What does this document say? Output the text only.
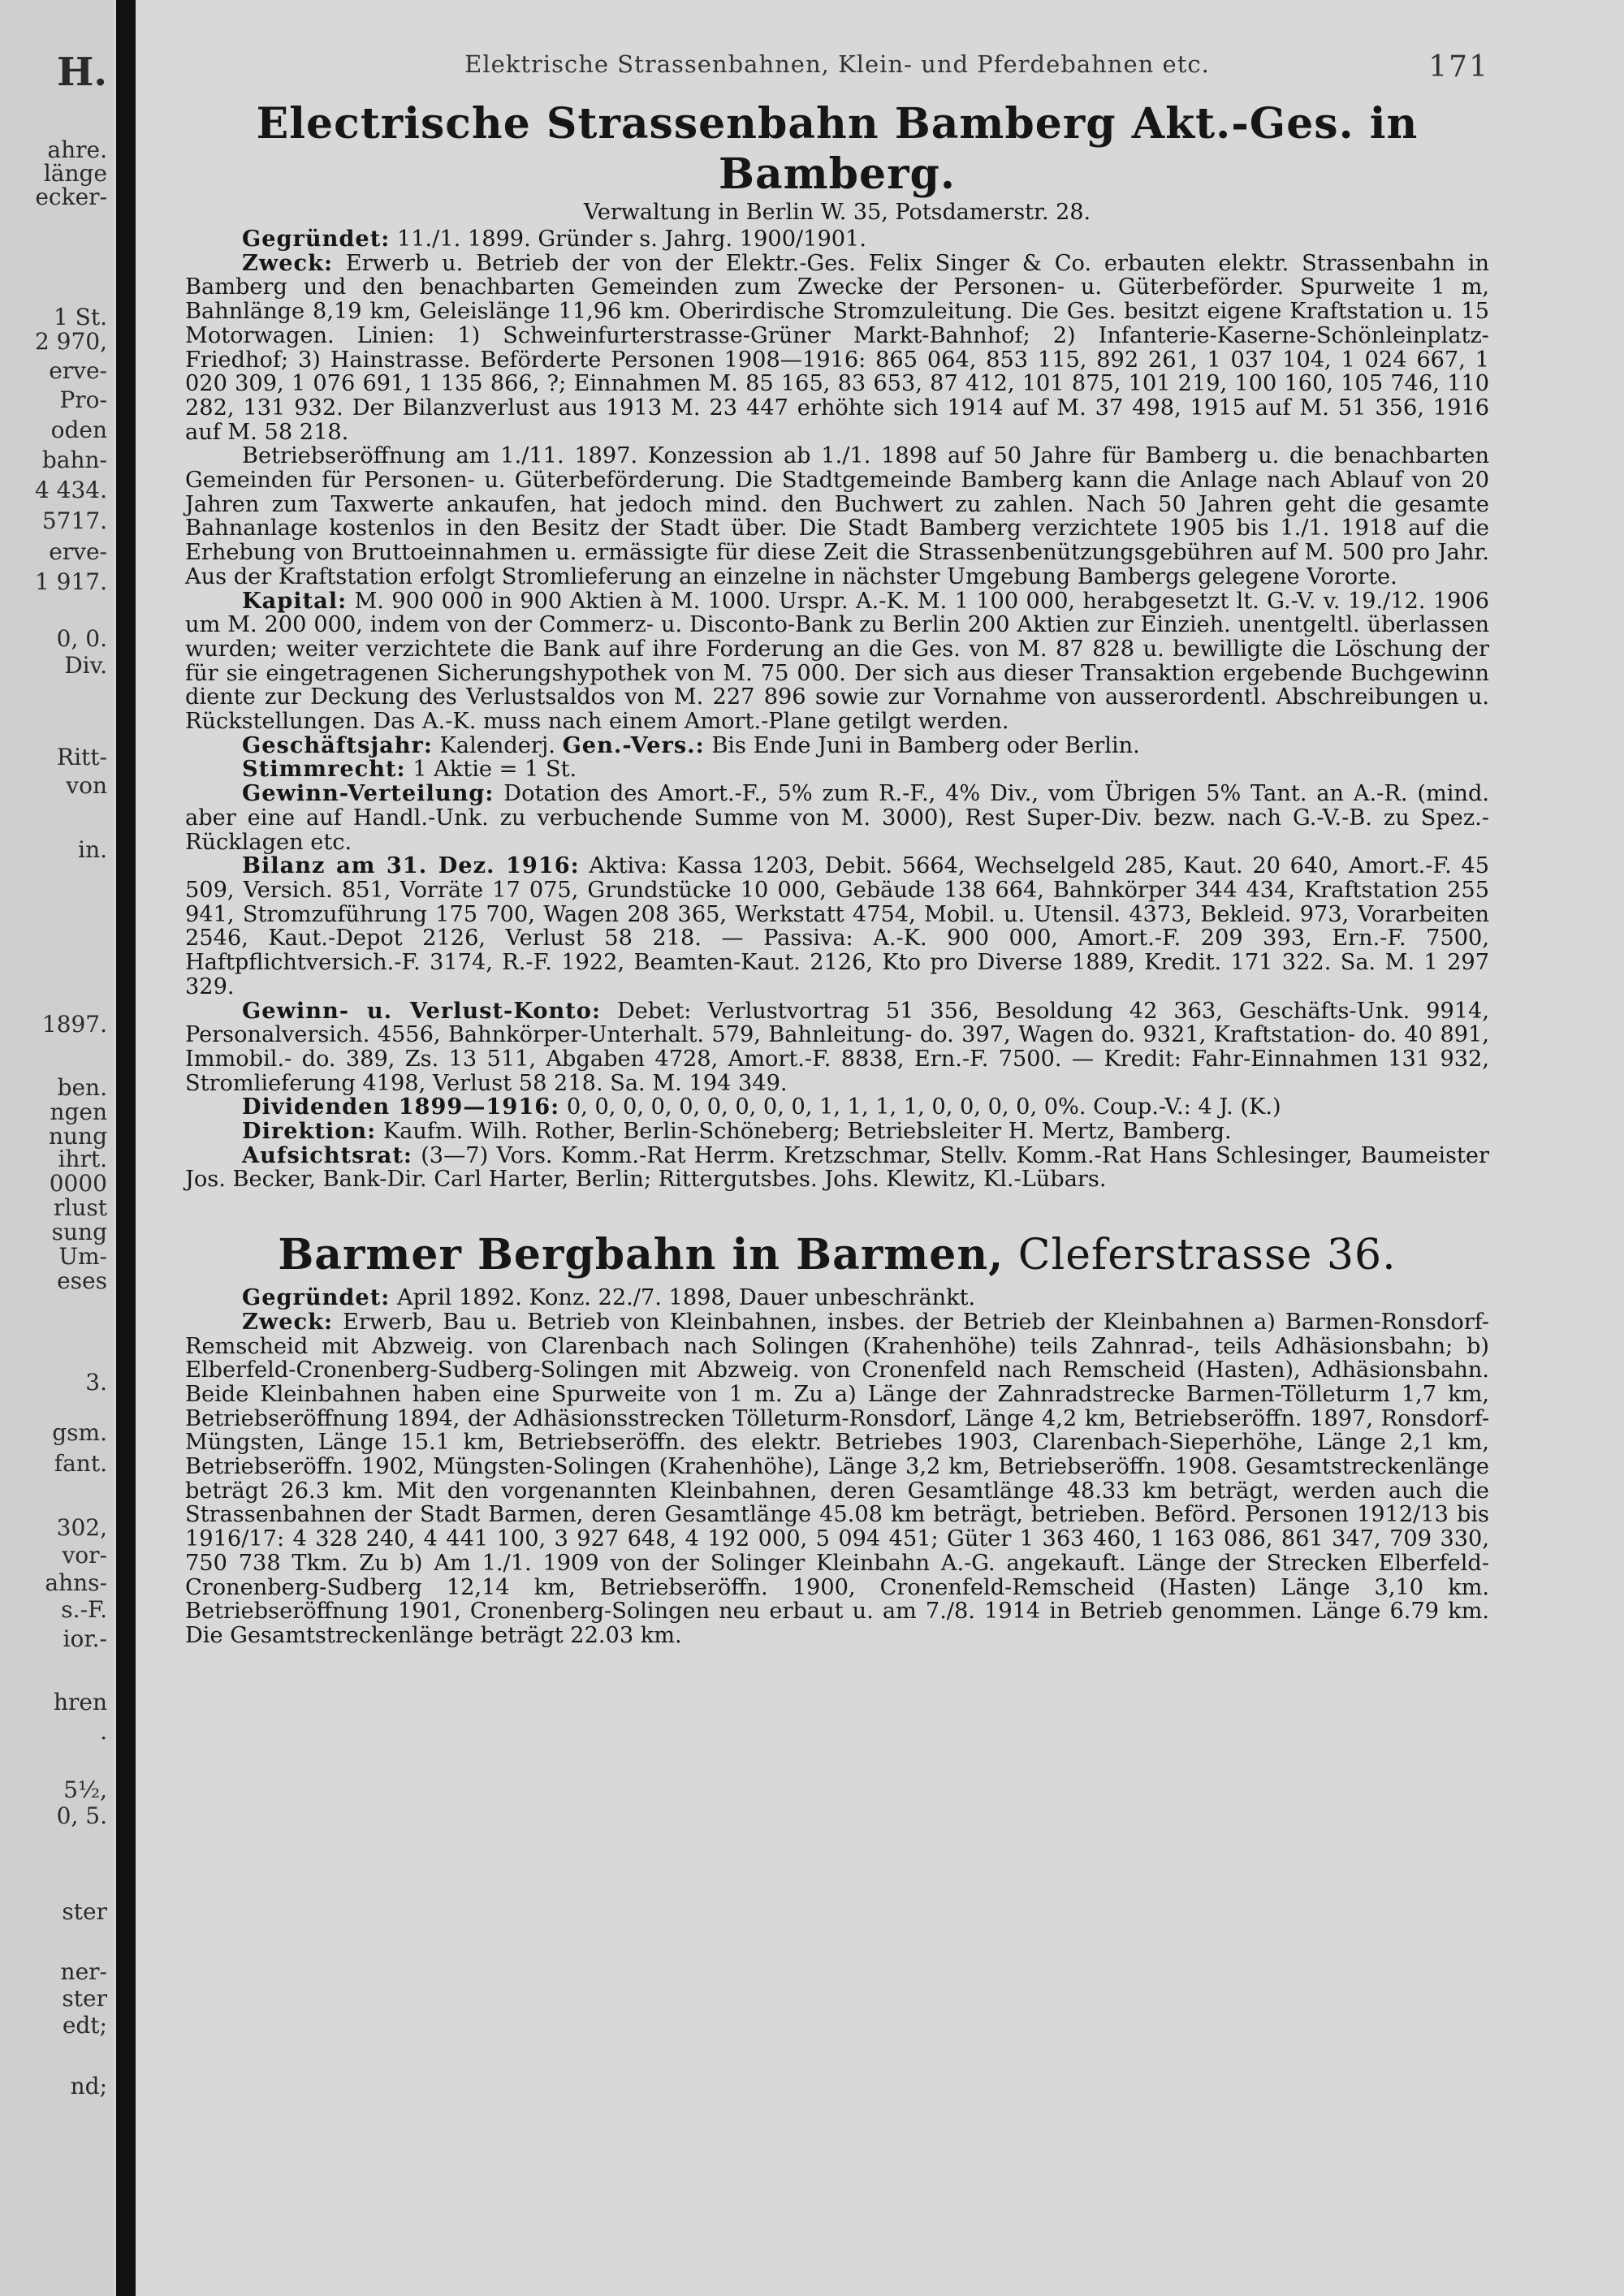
H.
ahre.
länge
ecker-
1 St.
2 970,
erve-
Pro-
oden
bahn-
4 434.
5717.
erve-
1 917.
0, 0.
Div.
Ritt-
von
in.
1897.
ben.
ngen
nung
ihrt.
0000
rlust
sung
Um-
eses
3.
gsm.
fant.
302,
vor-
ahns-
s.-F.
ior.-
hren
.
5½,
0, 5.
ster
ner-
ster
edt;
nd;
Elektrische Strassenbahnen, Klein- und Pferdebahnen etc.	171
Electrische Strassenbahn Bamberg Akt.-Ges. in Bamberg.
Verwaltung in Berlin W. 35, Potsdamerstr. 28.

Gegründet: 11./1. 1899. Gründer s. Jahrg. 1900/1901.

Zweck: Erwerb u. Betrieb der von der Elektr.-Ges. Felix Singer & Co. erbauten elektr. Strassenbahn in Bamberg und den benachbarten Gemeinden zum Zwecke der Personen- u. Güterbeförder. Spurweite 1 m, Bahnlänge 8,19 km, Geleislänge 11,96 km. Oberirdische Stromzuleitung. Die Ges. besitzt eigene Kraftstation u. 15 Motorwagen. Linien: 1) Schweinfurterstrasse-Grüner Markt-Bahnhof; 2) Infanterie-Kaserne-Schönleinplatz-Friedhof; 3) Hainstrasse. Beförderte Personen 1908—1916: 865 064, 853 115, 892 261, 1 037 104, 1 024 667, 1 020 309, 1 076 691, 1 135 866, ?; Einnahmen M. 85 165, 83 653, 87 412, 101 875, 101 219, 100 160, 105 746, 110 282, 131 932. Der Bilanzverlust aus 1913 M. 23 447 erhöhte sich 1914 auf M. 37 498, 1915 auf M. 51 356, 1916 auf M. 58 218.

Betriebseröffnung am 1./11. 1897. Konzession ab 1./1. 1898 auf 50 Jahre für Bamberg u. die benachbarten Gemeinden für Personen- u. Güterbeförderung. Die Stadtgemeinde Bamberg kann die Anlage nach Ablauf von 20 Jahren zum Taxwerte ankaufen, hat jedoch mind. den Buchwert zu zahlen. Nach 50 Jahren geht die gesamte Bahnanlage kostenlos in den Besitz der Stadt über. Die Stadt Bamberg verzichtete 1905 bis 1./1. 1918 auf die Erhebung von Bruttoeinnahmen u. ermässigte für diese Zeit die Strassenbenützungsgebühren auf M. 500 pro Jahr. Aus der Kraftstation erfolgt Stromlieferung an einzelne in nächster Umgebung Bambergs gelegene Vororte.

Kapital: M. 900 000 in 900 Aktien à M. 1000. Urspr. A.-K. M. 1 100 000, herabgesetzt lt. G.-V. v. 19./12. 1906 um M. 200 000, indem von der Commerz- u. Disconto-Bank zu Berlin 200 Aktien zur Einzieh. unentgeltl. überlassen wurden; weiter verzichtete die Bank auf ihre Forderung an die Ges. von M. 87 828 u. bewilligte die Löschung der für sie eingetragenen Sicherungshypothek von M. 75 000. Der sich aus dieser Transaktion ergebende Buchgewinn diente zur Deckung des Verlustsaldos von M. 227 896 sowie zur Vornahme von ausserordentl. Abschreibungen u. Rückstellungen. Das A.-K. muss nach einem Amort.-Plane getilgt werden.

Geschäftsjahr: Kalenderj. Gen.-Vers.: Bis Ende Juni in Bamberg oder Berlin.

Stimmrecht: 1 Aktie = 1 St.

Gewinn-Verteilung: Dotation des Amort.-F., 5% zum R.-F., 4% Div., vom Übrigen 5% Tant. an A.-R. (mind. aber eine auf Handl.-Unk. zu verbuchende Summe von M. 3000), Rest Super-Div. bezw. nach G.-V.-B. zu Spez.-Rücklagen etc.

Bilanz am 31. Dez. 1916: Aktiva: Kassa 1203, Debit. 5664, Wechselgeld 285, Kaut. 20 640, Amort.-F. 45 509, Versich. 851, Vorräte 17 075, Grundstücke 10 000, Gebäude 138 664, Bahnkörper 344 434, Kraftstation 255 941, Stromzuführung 175 700, Wagen 208 365, Werkstatt 4754, Mobil. u. Utensil. 4373, Bekleid. 973, Vorarbeiten 2546, Kaut.-Depot 2126, Verlust 58 218. — Passiva: A.-K. 900 000, Amort.-F. 209 393, Ern.-F. 7500, Haftpflichtversich.-F. 3174, R.-F. 1922, Beamten-Kaut. 2126, Kto pro Diverse 1889, Kredit. 171 322. Sa. M. 1 297 329.

Gewinn- u. Verlust-Konto: Debet: Verlustvortrag 51 356, Besoldung 42 363, Geschäfts-Unk. 9914, Personalversich. 4556, Bahnkörper-Unterhalt. 579, Bahnleitung- do. 397, Wagen do. 9321, Kraftstation- do. 40 891, Immobil.- do. 389, Zs. 13 511, Abgaben 4728, Amort.-F. 8838, Ern.-F. 7500. — Kredit: Fahr-Einnahmen 131 932, Stromlieferung 4198, Verlust 58 218. Sa. M. 194 349.

Dividenden 1899—1916: 0, 0, 0, 0, 0, 0, 0, 0, 0, 1, 1, 1, 1, 0, 0, 0, 0, 0%. Coup.-V.: 4 J. (K.)

Direktion: Kaufm. Wilh. Rother, Berlin-Schöneberg; Betriebsleiter H. Mertz, Bamberg.

Aufsichtsrat: (3—7) Vors. Komm.-Rat Herrm. Kretzschmar, Stellv. Komm.-Rat Hans Schlesinger, Baumeister Jos. Becker, Bank-Dir. Carl Harter, Berlin; Rittergutsbes. Johs. Klewitz, Kl.-Lübars.

Barmer Bergbahn in Barmen, Cleferstrasse 36.

Gegründet: April 1892. Konz. 22./7. 1898, Dauer unbeschränkt.

Zweck: Erwerb, Bau u. Betrieb von Kleinbahnen, insbes. der Betrieb der Kleinbahnen a) Barmen-Ronsdorf-Remscheid mit Abzweig. von Clarenbach nach Solingen (Krahenhöhe) teils Zahnrad-, teils Adhäsionsbahn; b) Elberfeld-Cronenberg-Sudberg-Solingen mit Abzweig. von Cronenfeld nach Remscheid (Hasten), Adhäsionsbahn. Beide Kleinbahnen haben eine Spurweite von 1 m. Zu a) Länge der Zahnradstrecke Barmen-Tölleturm 1,7 km, Betriebseröffnung 1894, der Adhäsionsstrecken Tölleturm-Ronsdorf, Länge 4,2 km, Betriebseröffn. 1897, Ronsdorf-Müngsten, Länge 15.1 km, Betriebseröffn. des elektr. Betriebes 1903, Clarenbach-Sieperhöhe, Länge 2,1 km, Betriebseröffn. 1902, Müngsten-Solingen (Krahenhöhe), Länge 3,2 km, Betriebseröffn. 1908. Gesamtstreckenlänge beträgt 26.3 km. Mit den vorgenannten Kleinbahnen, deren Gesamtlänge 48.33 km beträgt, werden auch die Strassenbahnen der Stadt Barmen, deren Gesamtlänge 45.08 km beträgt, betrieben. Beförd. Personen 1912/13 bis 1916/17: 4 328 240, 4 441 100, 3 927 648, 4 192 000, 5 094 451; Güter 1 363 460, 1 163 086, 861 347, 709 330, 750 738 Tkm. Zu b) Am 1./1. 1909 von der Solinger Kleinbahn A.-G. angekauft. Länge der Strecken Elberfeld-Cronenberg-Sudberg 12,14 km, Betriebseröffn. 1900, Cronenfeld-Remscheid (Hasten) Länge 3,10 km. Betriebseröffnung 1901, Cronenberg-Solingen neu erbaut u. am 7./8. 1914 in Betrieb genommen. Länge 6.79 km. Die Gesamtstreckenlänge beträgt 22.03 km.
